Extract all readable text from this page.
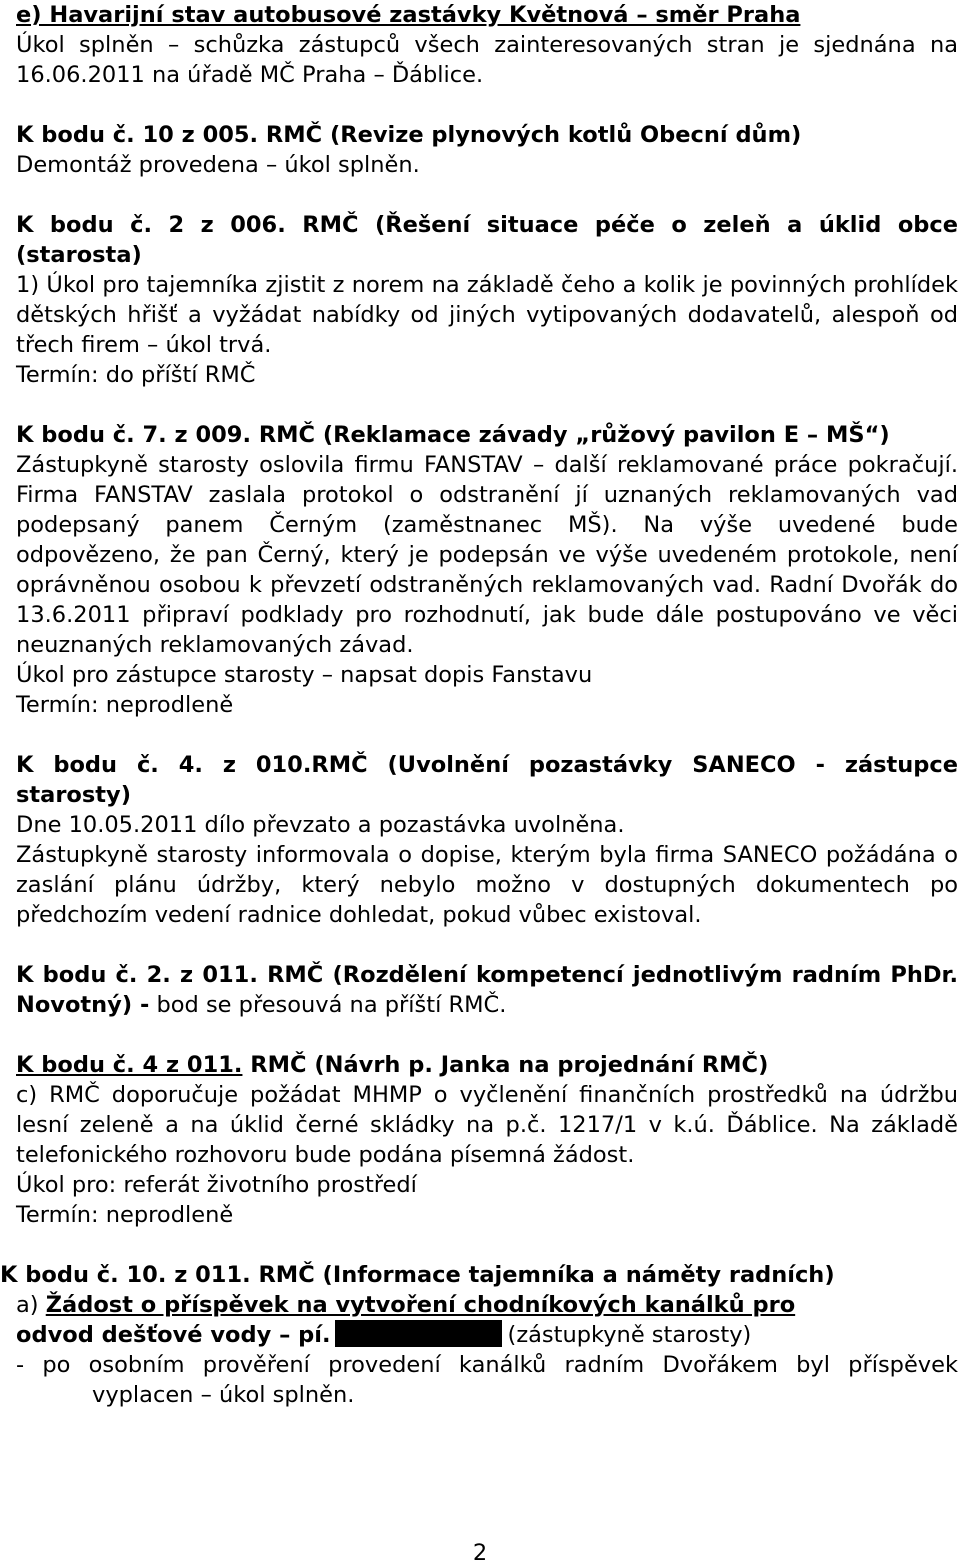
e) Havarijní stav autobusové zastávky Květnová – směr Praha

Úkol splněn – schůzka zástupců všech zainteresovaných stran je sjednána na 16.06.2011 na úřadě MČ Praha – Ďáblice.

K bodu č. 10 z 005. RMČ (Revize plynových kotlů Obecní dům)

Demontáž provedena – úkol splněn.

K bodu č. 2 z 006. RMČ (Řešení situace péče o zeleň a úklid obce (starosta)

1) Úkol pro tajemníka zjistit z norem na základě čeho a kolik je povinných prohlídek dětských hřišť a vyžádat nabídky od jiných vytipovaných dodavatelů, alespoň od třech firem – úkol trvá.

Termín: do příští RMČ

K bodu č. 7. z 009. RMČ (Reklamace závady „růžový pavilon E – MŠ“)

Zástupkyně starosty oslovila firmu FANSTAV – další reklamované práce pokračují. Firma FANSTAV zaslala protokol o odstranění jí uznaných reklamovaných vad podepsaný panem Černým (zaměstnanec MŠ). Na výše uvedené bude odpovězeno, že pan Černý, který je podepsán ve výše uvedeném protokole, není oprávněnou osobou k převzetí odstraněných reklamovaných vad. Radní Dvořák do 13.6.2011 připraví podklady pro rozhodnutí, jak bude dále postupováno ve věci neuznaných reklamovaných závad.

Úkol pro zástupce starosty – napsat dopis Fanstavu

Termín: neprodleně

K bodu č. 4. z 010.RMČ (Uvolnění pozastávky SANECO - zástupce starosty)

Dne 10.05.2011 dílo převzato a pozastávka uvolněna.

Zástupkyně starosty informovala o dopise, kterým byla firma SANECO požádána o zaslání plánu údržby, který nebylo možno v dostupných dokumentech po předchozím vedení radnice dohledat, pokud vůbec existoval.

K bodu č. 2. z 011. RMČ (Rozdělení kompetencí jednotlivým radním PhDr. Novotný) - bod se přesouvá na příští RMČ.

K bodu č. 4 z 011. RMČ (Návrh p. Janka na projednání RMČ)

c) RMČ doporučuje požádat MHMP o vyčlenění finančních prostředků na údržbu lesní zeleně a na úklid černé skládky na p.č. 1217/1 v k.ú. Ďáblice. Na základě telefonického rozhovoru bude podána písemná žádost.

Úkol pro: referát životního prostředí

Termín: neprodleně

K bodu č. 10. z 011. RMČ (Informace tajemníka a náměty radních)

a) Žádost o příspěvek na vytvoření chodníkových kanálků pro
odvod dešťové vody – pí.	(zástupkyně starosty)

- po osobním prověření provedení kanálků radním Dvořákem byl příspěvek vyplacen – úkol splněn.

2
